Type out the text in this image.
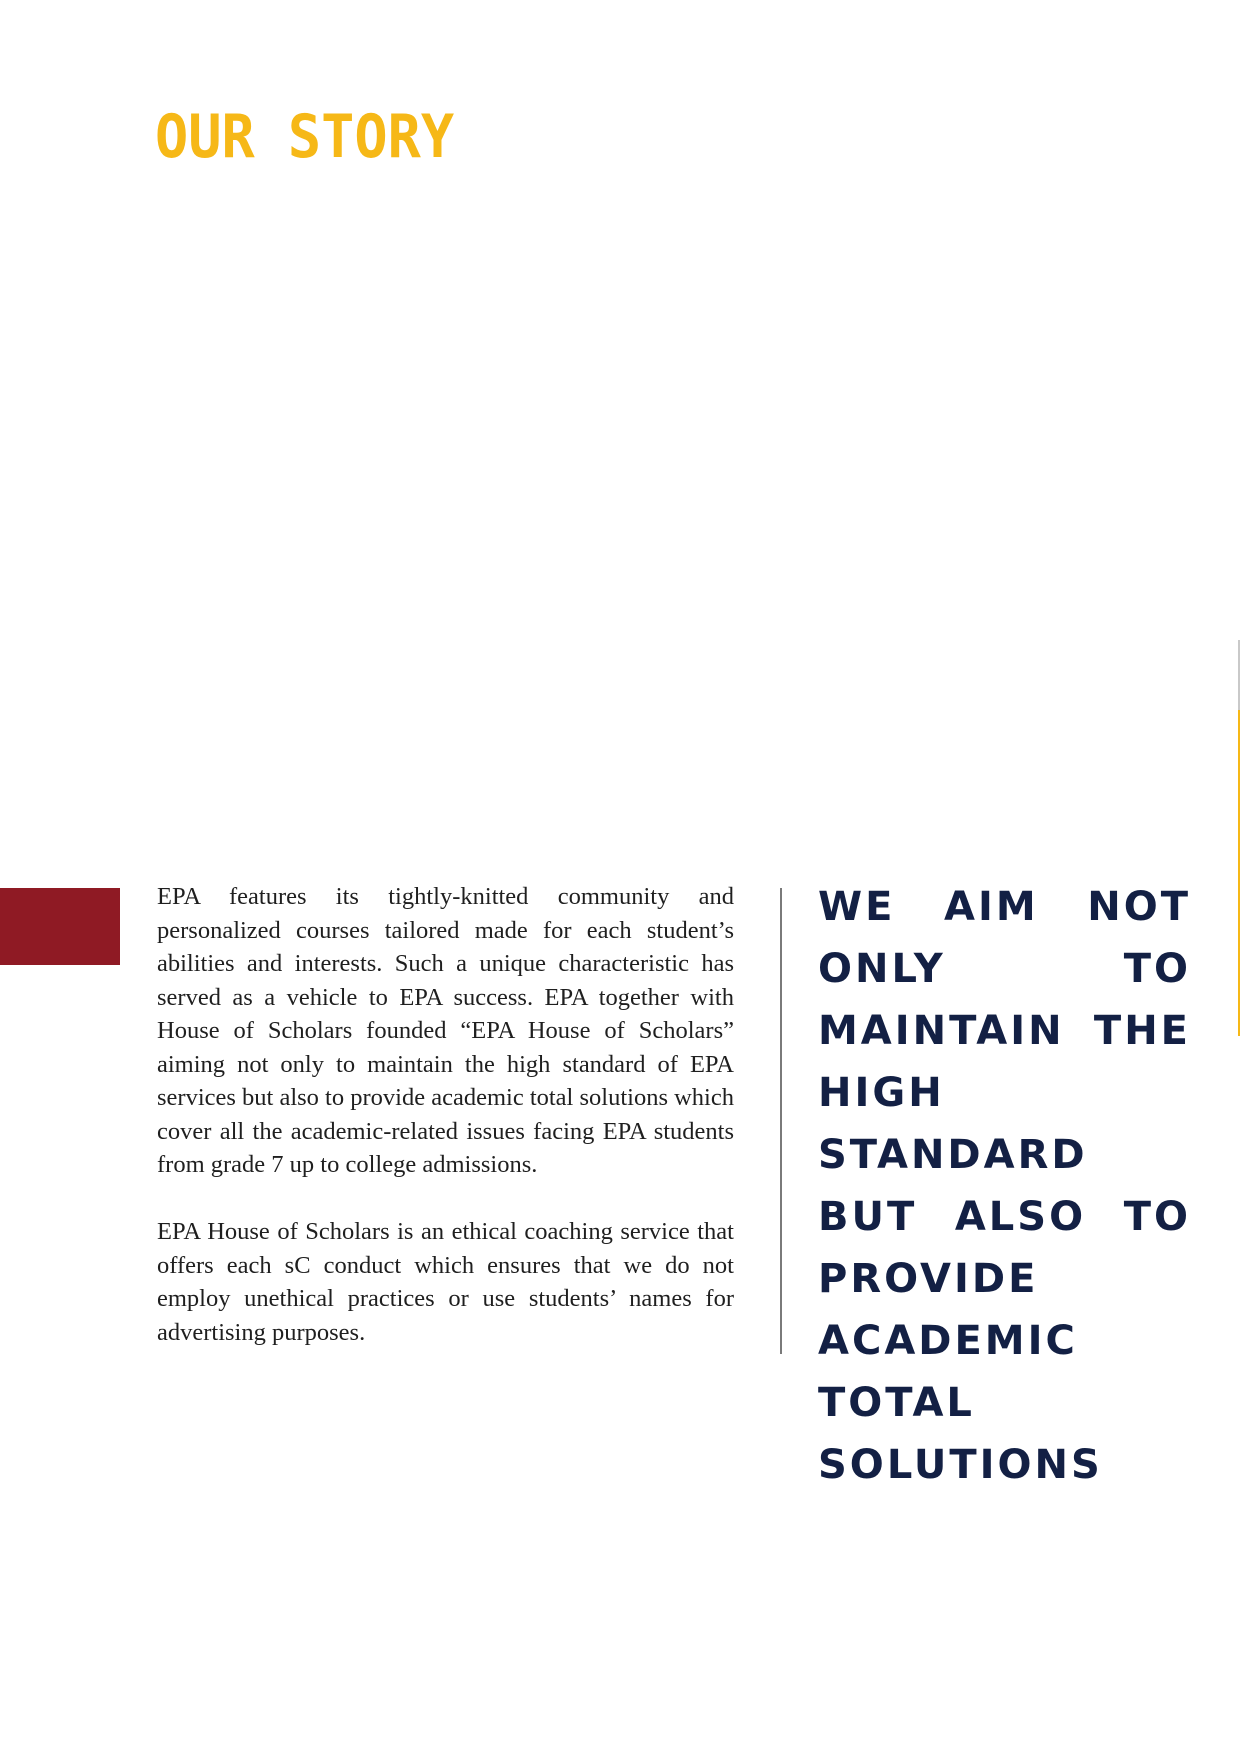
OUR STORY

EPA features its tightly-knitted community and personalized courses tailored made for each student’s abilities and interests. Such a unique characteristic has served as a vehicle to EPA success. EPA together with House of Scholars founded “EPA House of Scholars” aiming not only to maintain the high standard of EPA services but also to provide academic total solutions which cover all the academic-related issues facing EPA students from grade 7 up to college admissions.

EPA House of Scholars is an ethical coaching service that offers each sC conduct which ensures that we do not employ unethical practices or use students’ names for advertising purposes.

WE AIM NOT ONLY TO MAINTAIN THE HIGH STANDARD BUT ALSO TO PROVIDE ACADEMIC TOTAL SOLUTIONS
